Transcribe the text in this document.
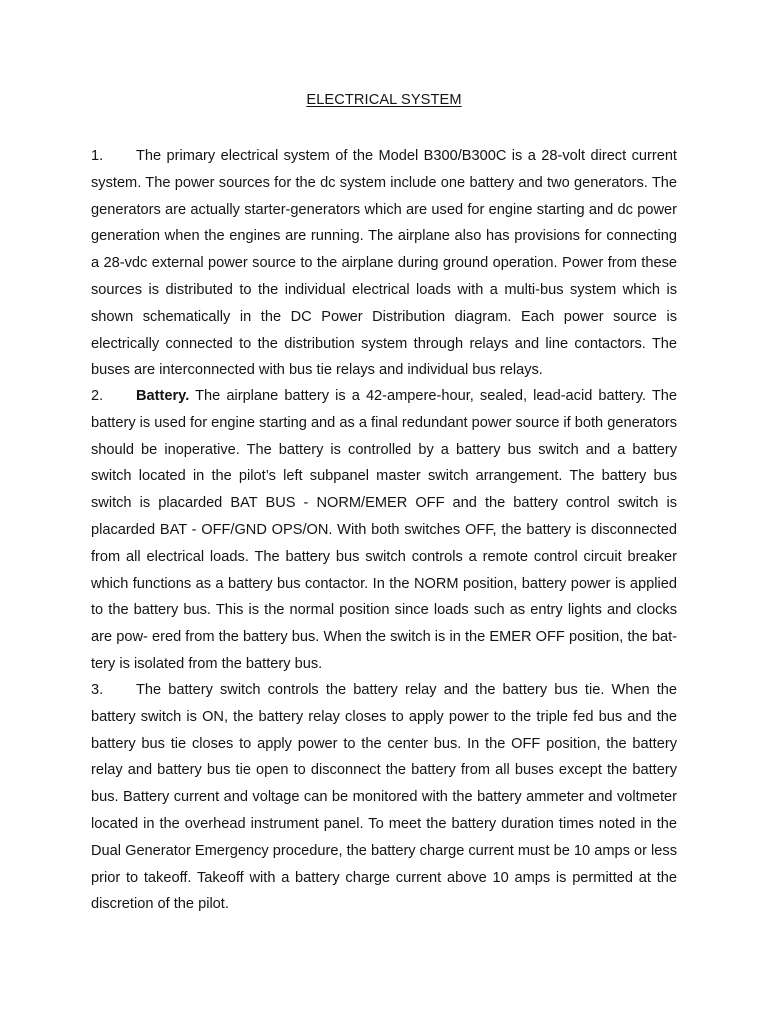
ELECTRICAL SYSTEM

1. The primary electrical system of the Model B300/B300C is a 28-volt direct current system. The power sources for the dc system include one battery and two generators. The generators are actually starter-generators which are used for engine starting and dc power generation when the engines are running. The airplane also has provisions for connecting a 28-vdc external power source to the airplane during ground operation. Power from these sources is distributed to the individual electrical loads with a multi-bus system which is shown schematically in the DC Power Distribution diagram. Each power source is electrically connected to the distribution system through relays and line contactors. The buses are interconnected with bus tie relays and individual bus relays.

2. Battery. The airplane battery is a 42-ampere-hour, sealed, lead-acid battery. The battery is used for engine starting and as a final redundant power source if both generators should be inoperative. The battery is controlled by a battery bus switch and a battery switch located in the pilot’s left subpanel master switch arrangement. The battery bus switch is placarded BAT BUS - NORM/EMER OFF and the battery control switch is placarded BAT - OFF/GND OPS/ON. With both switches OFF, the battery is disconnected from all electrical loads. The battery bus switch controls a remote control circuit breaker which functions as a battery bus contactor. In the NORM position, battery power is applied to the battery bus. This is the normal position since loads such as entry lights and clocks are pow- ered from the battery bus. When the switch is in the EMER OFF position, the bat- tery is isolated from the battery bus.

3. The battery switch controls the battery relay and the battery bus tie. When the battery switch is ON, the battery relay closes to apply power to the triple fed bus and the battery bus tie closes to apply power to the center bus. In the OFF position, the battery relay and battery bus tie open to disconnect the battery from all buses except the battery bus. Battery current and voltage can be monitored with the battery ammeter and voltmeter located in the overhead instrument panel. To meet the battery duration times noted in the Dual Generator Emergency procedure, the battery charge current must be 10 amps or less prior to takeoff. Takeoff with a battery charge current above 10 amps is permitted at the discretion of the pilot.
